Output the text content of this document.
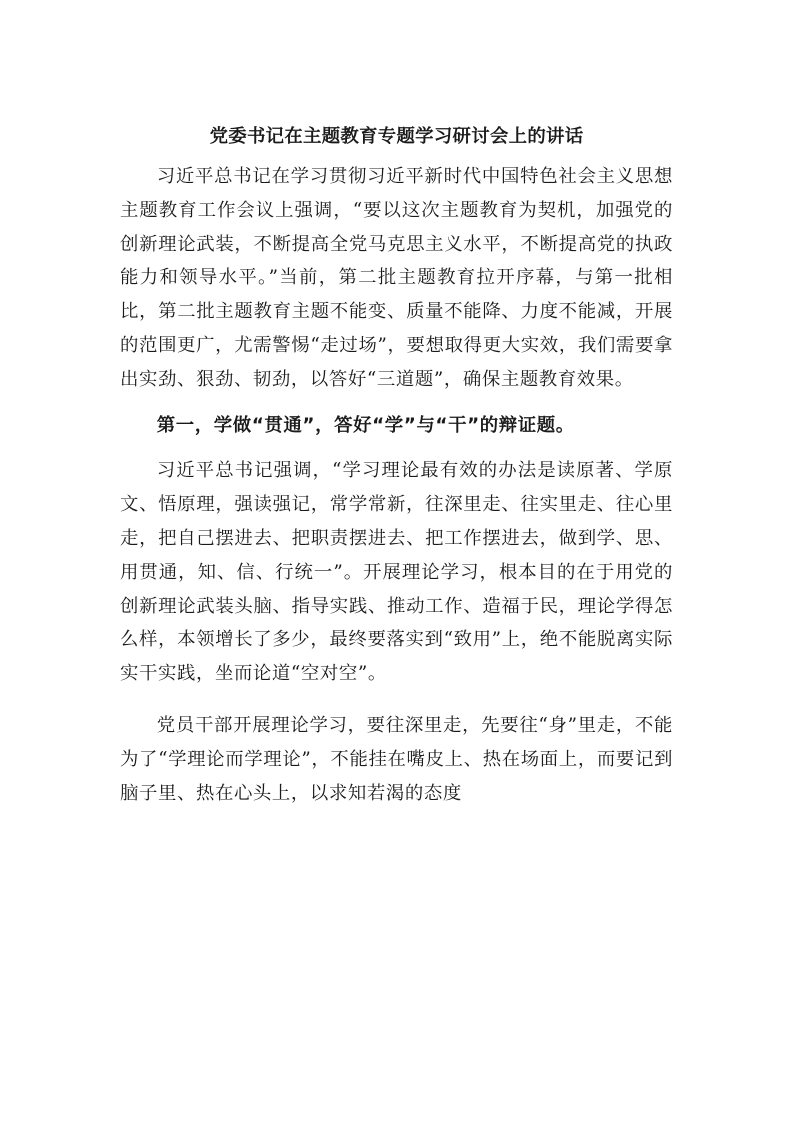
党委书记在主题教育专题学习研讨会上的讲话

习近平总书记在学习贯彻习近平新时代中国特色社会主义思想主题教育工作会议上强调，“要以这次主题教育为契机，加强党的创新理论武装，不断提高全党马克思主义水平，不断提高党的执政能力和领导水平。”当前，第二批主题教育拉开序幕，与第一批相比，第二批主题教育主题不能变、质量不能降、力度不能减，开展的范围更广，尤需警惕“走过场”，要想取得更大实效，我们需要拿出实劲、狠劲、韧劲，以答好“三道题”，确保主题教育效果。

第一，学做“贯通”，答好“学”与“干”的辩证题。

习近平总书记强调，“学习理论最有效的办法是读原著、学原文、悟原理，强读强记，常学常新，往深里走、往实里走、往心里走，把自己摆进去、把职责摆进去、把工作摆进去，做到学、思、用贯通，知、信、行统一”。开展理论学习，根本目的在于用党的创新理论武装头脑、指导实践、推动工作、造福于民，理论学得怎么样，本领增长了多少，最终要落实到“致用”上，绝不能脱离实际实干实践，坐而论道“空对空”。

党员干部开展理论学习，要往深里走，先要往“身”里走，不能为了“学理论而学理论”，不能挂在嘴皮上、热在场面上，而要记到脑子里、热在心头上，以求知若渴的态度
